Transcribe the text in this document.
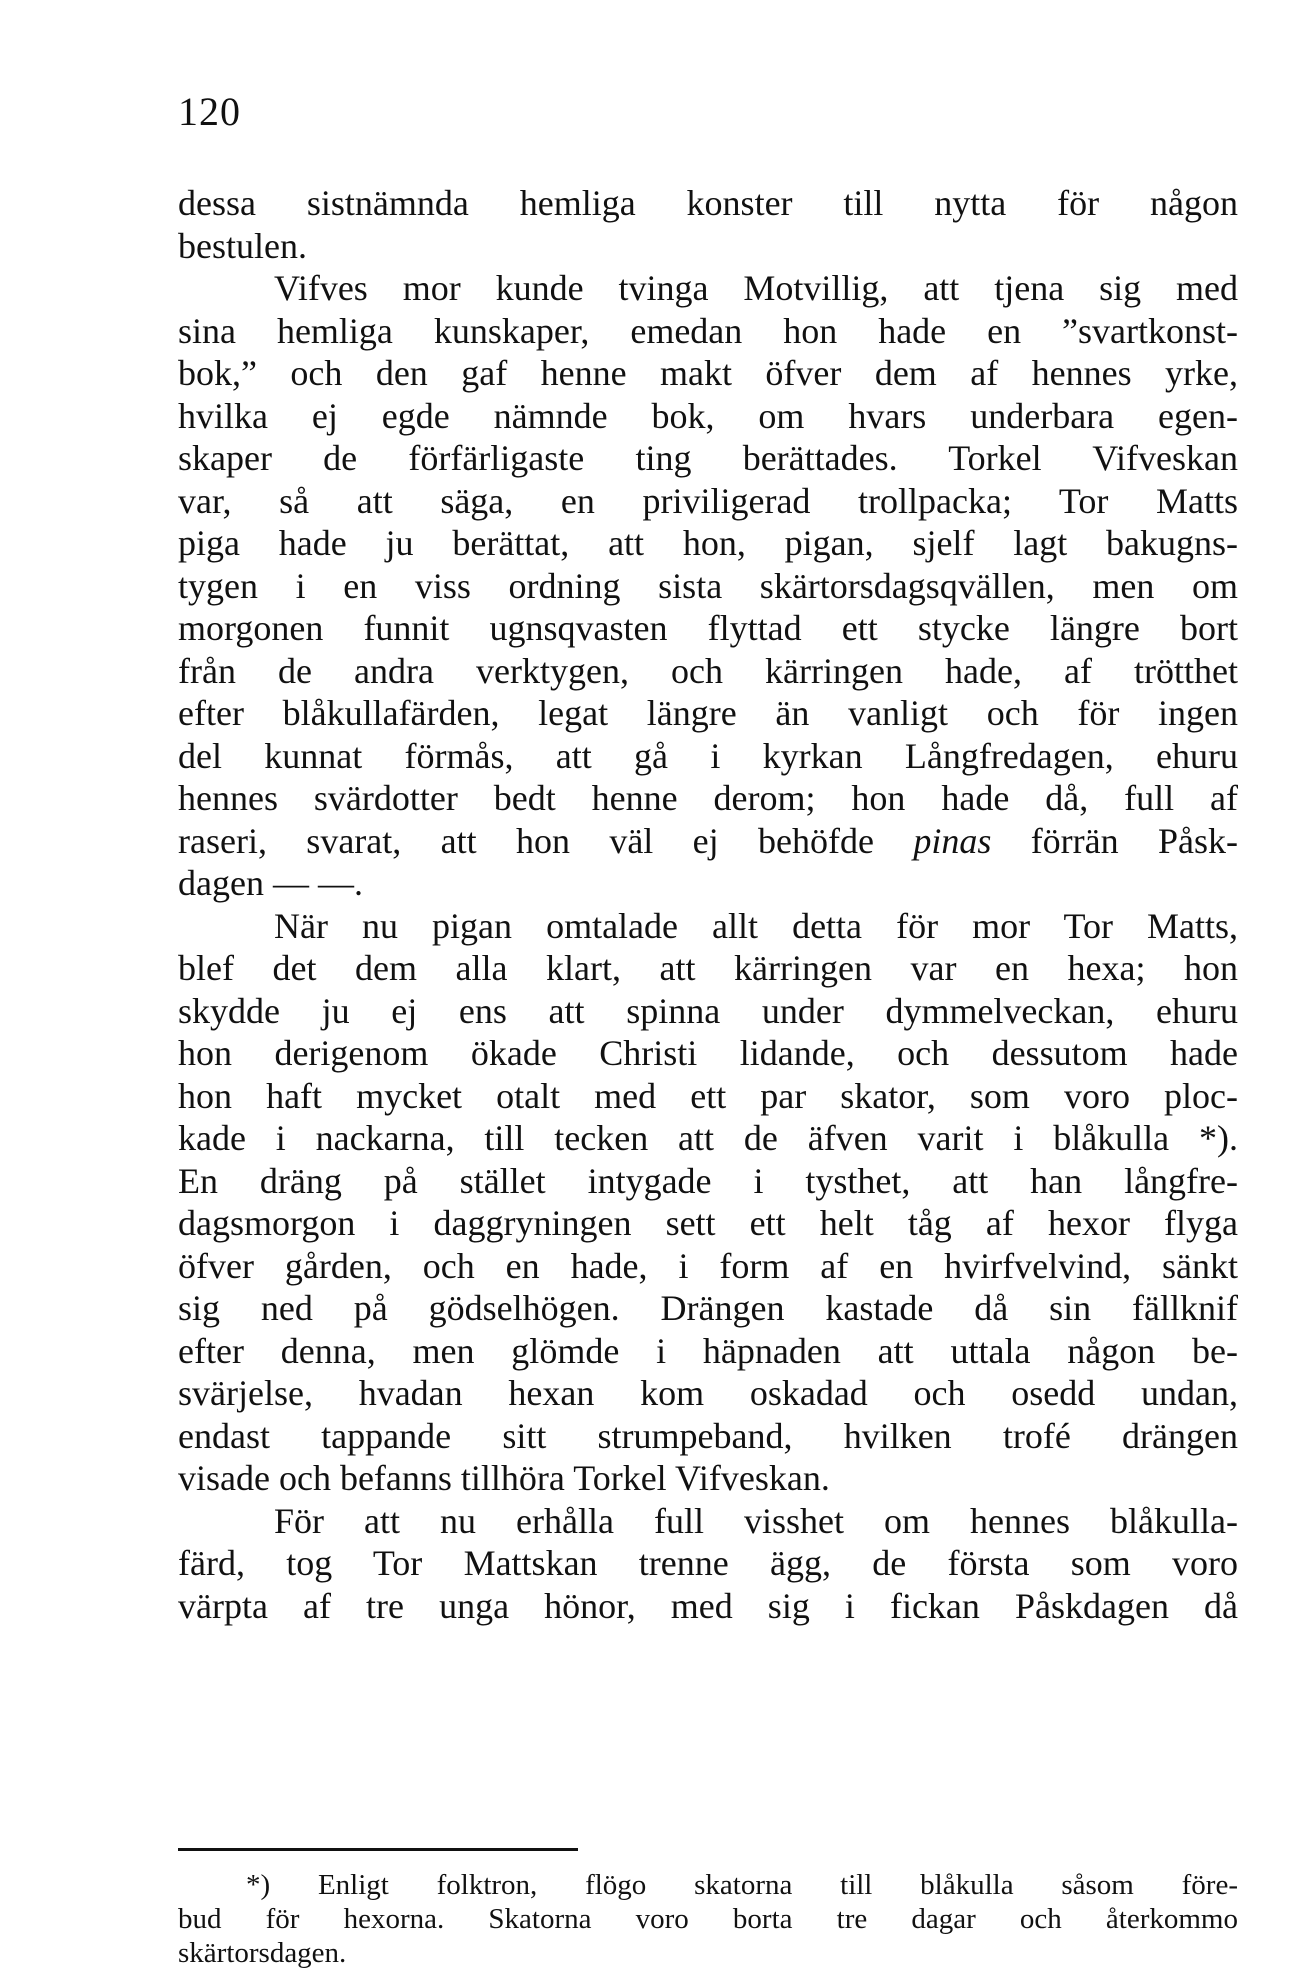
120
dessa sistnämnda hemliga konster till nytta för någon
bestulen.
Vifves mor kunde tvinga Motvillig, att tjena sig med
sina hemliga kunskaper, emedan hon hade en ”svartkonst-
bok,” och den gaf henne makt öfver dem af hennes yrke,
hvilka ej egde nämnde bok, om hvars underbara egen-
skaper de förfärligaste ting berättades. Torkel Vifveskan
var, så att säga, en priviligerad trollpacka; Tor Matts
piga hade ju berättat, att hon, pigan, sjelf lagt bakugns-
tygen i en viss ordning sista skärtorsdagsqvällen, men om
morgonen funnit ugnsqvasten flyttad ett stycke längre bort
från de andra verktygen, och kärringen hade, af trötthet
efter blåkullafärden, legat längre än vanligt och för ingen
del kunnat förmås, att gå i kyrkan Långfredagen, ehuru
hennes svärdotter bedt henne derom; hon hade då, full af
raseri, svarat, att hon väl ej behöfde pinas förrän Påsk-
dagen — —.
När nu pigan omtalade allt detta för mor Tor Matts,
blef det dem alla klart, att kärringen var en hexa; hon
skydde ju ej ens att spinna under dymmelveckan, ehuru
hon derigenom ökade Christi lidande, och dessutom hade
hon haft mycket otalt med ett par skator, som voro ploc-
kade i nackarna, till tecken att de äfven varit i blåkulla *).
En dräng på stället intygade i tysthet, att han långfre-
dagsmorgon i daggryningen sett ett helt tåg af hexor flyga
öfver gården, och en hade, i form af en hvirfvelvind, sänkt
sig ned på gödselhögen. Drängen kastade då sin fällknif
efter denna, men glömde i häpnaden att uttala någon be-
svärjelse, hvadan hexan kom oskadad och osedd undan,
endast tappande sitt strumpeband, hvilken trofé drängen
visade och befanns tillhöra Torkel Vifveskan.
För att nu erhålla full visshet om hennes blåkulla-
färd, tog Tor Mattskan trenne ägg, de första som voro
värpta af tre unga hönor, med sig i fickan Påskdagen då
*) Enligt folktron, flögo skatorna till blåkulla såsom före-
bud för hexorna. Skatorna voro borta tre dagar och återkommo
skärtorsdagen.
